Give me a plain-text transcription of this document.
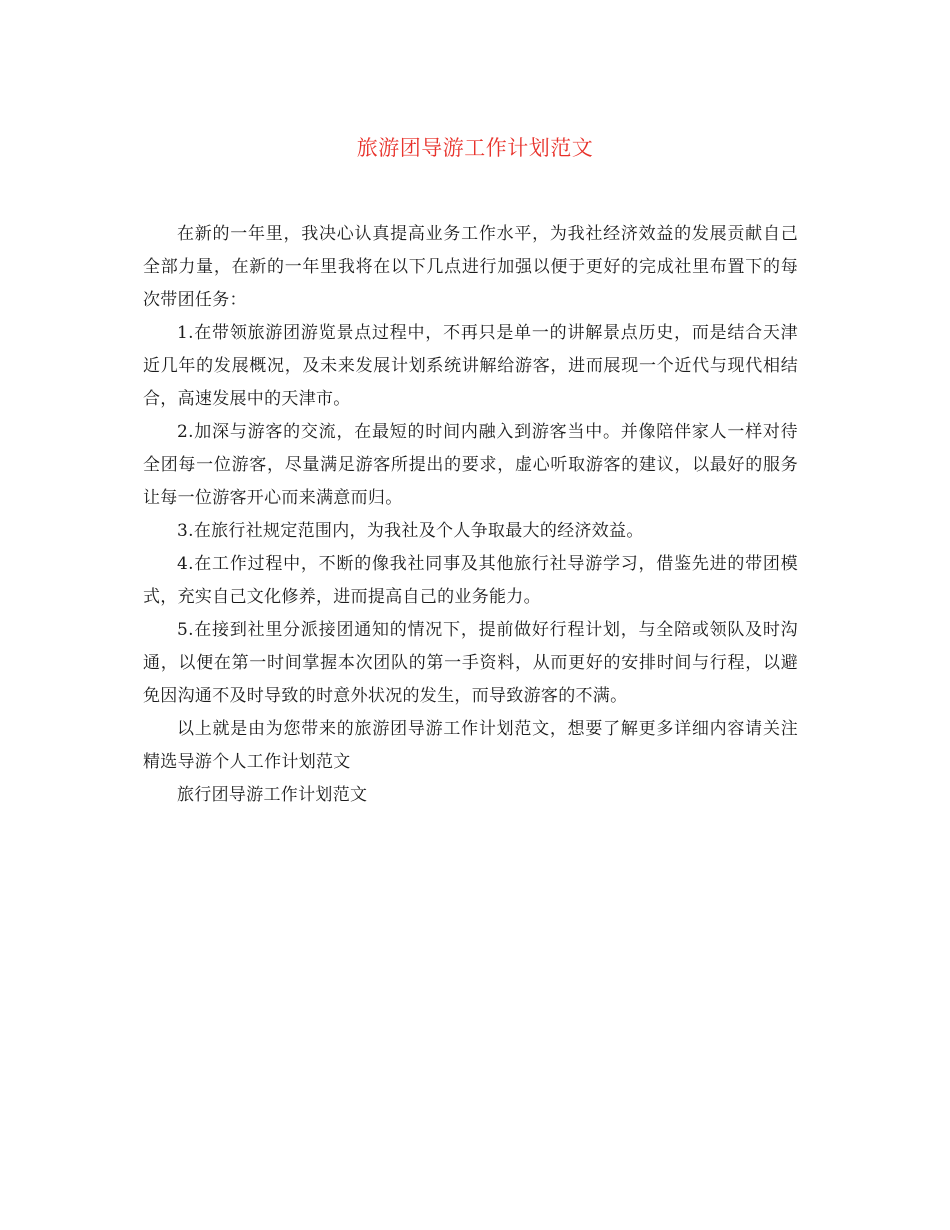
旅游团导游工作计划范文

在新的一年里，我决心认真提高业务工作水平，为我社经济效益的发展贡献自己全部力量，在新的一年里我将在以下几点进行加强以便于更好的完成社里布置下的每次带团任务：

1.在带领旅游团游览景点过程中，不再只是单一的讲解景点历史，而是结合天津近几年的发展概况，及未来发展计划系统讲解给游客，进而展现一个近代与现代相结合，高速发展中的天津市。

2.加深与游客的交流，在最短的时间内融入到游客当中。并像陪伴家人一样对待全团每一位游客，尽量满足游客所提出的要求，虚心听取游客的建议，以最好的服务让每一位游客开心而来满意而归。

3.在旅行社规定范围内，为我社及个人争取最大的经济效益。

4.在工作过程中，不断的像我社同事及其他旅行社导游学习，借鉴先进的带团模式，充实自己文化修养，进而提高自己的业务能力。

5.在接到社里分派接团通知的情况下，提前做好行程计划，与全陪或领队及时沟通，以便在第一时间掌握本次团队的第一手资料，从而更好的安排时间与行程，以避免因沟通不及时导致的时意外状况的发生，而导致游客的不满。

以上就是由为您带来的旅游团导游工作计划范文，想要了解更多详细内容请关注精选导游个人工作计划范文

旅行团导游工作计划范文
